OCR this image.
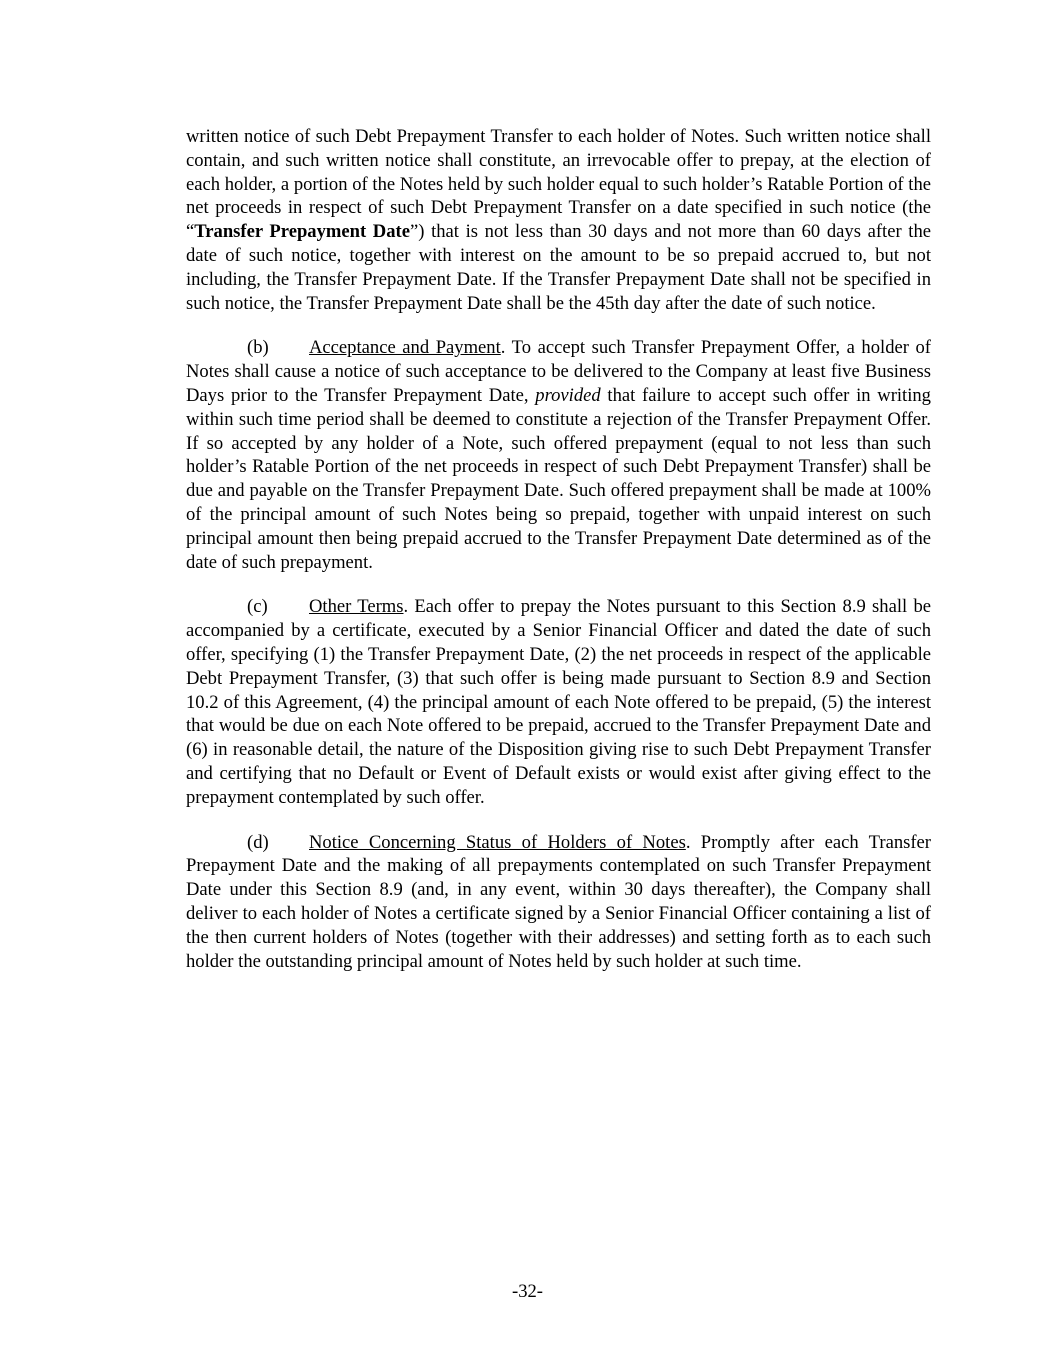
written notice of such Debt Prepayment Transfer to each holder of Notes. Such written notice shall contain, and such written notice shall constitute, an irrevocable offer to prepay, at the election of each holder, a portion of the Notes held by such holder equal to such holder’s Ratable Portion of the net proceeds in respect of such Debt Prepayment Transfer on a date specified in such notice (the “Transfer Prepayment Date”) that is not less than 30 days and not more than 60 days after the date of such notice, together with interest on the amount to be so prepaid accrued to, but not including, the Transfer Prepayment Date. If the Transfer Prepayment Date shall not be specified in such notice, the Transfer Prepayment Date shall be the 45th day after the date of such notice.

(b) Acceptance and Payment. To accept such Transfer Prepayment Offer, a holder of Notes shall cause a notice of such acceptance to be delivered to the Company at least five Business Days prior to the Transfer Prepayment Date, provided that failure to accept such offer in writing within such time period shall be deemed to constitute a rejection of the Transfer Prepayment Offer. If so accepted by any holder of a Note, such offered prepayment (equal to not less than such holder’s Ratable Portion of the net proceeds in respect of such Debt Prepayment Transfer) shall be due and payable on the Transfer Prepayment Date. Such offered prepayment shall be made at 100% of the principal amount of such Notes being so prepaid, together with unpaid interest on such principal amount then being prepaid accrued to the Transfer Prepayment Date determined as of the date of such prepayment.

(c) Other Terms. Each offer to prepay the Notes pursuant to this Section 8.9 shall be accompanied by a certificate, executed by a Senior Financial Officer and dated the date of such offer, specifying (1) the Transfer Prepayment Date, (2) the net proceeds in respect of the applicable Debt Prepayment Transfer, (3) that such offer is being made pursuant to Section 8.9 and Section 10.2 of this Agreement, (4) the principal amount of each Note offered to be prepaid, (5) the interest that would be due on each Note offered to be prepaid, accrued to the Transfer Prepayment Date and (6) in reasonable detail, the nature of the Disposition giving rise to such Debt Prepayment Transfer and certifying that no Default or Event of Default exists or would exist after giving effect to the prepayment contemplated by such offer.

(d) Notice Concerning Status of Holders of Notes. Promptly after each Transfer Prepayment Date and the making of all prepayments contemplated on such Transfer Prepayment Date under this Section 8.9 (and, in any event, within 30 days thereafter), the Company shall deliver to each holder of Notes a certificate signed by a Senior Financial Officer containing a list of the then current holders of Notes (together with their addresses) and setting forth as to each such holder the outstanding principal amount of Notes held by such holder at such time.

-32-
